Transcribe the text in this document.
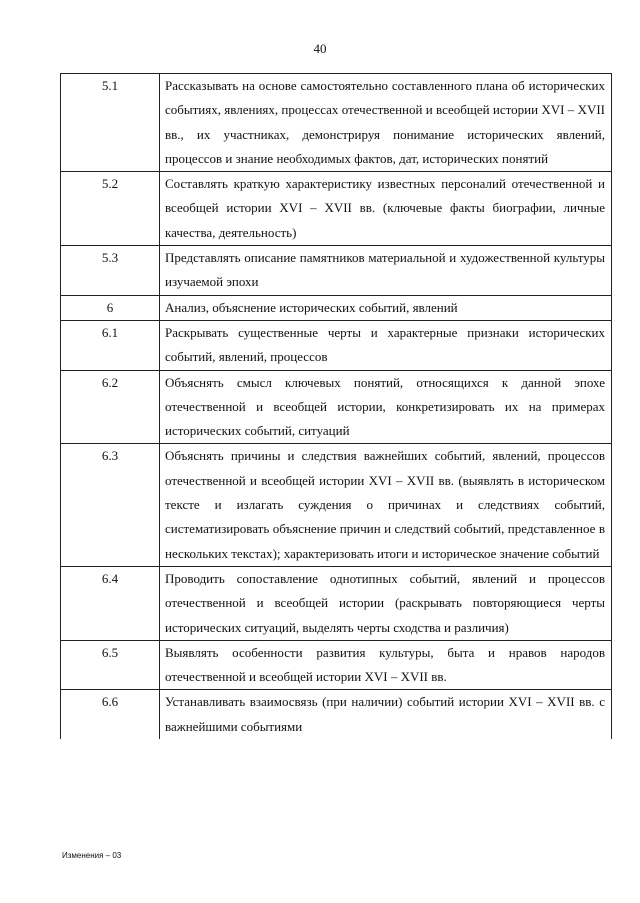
40
5.1	Рассказывать на основе самостоятельно составленного плана об исторических событиях, явлениях, процессах отечественной и всеобщей истории XVI – XVII вв., их участниках, демонстрируя понимание исторических явлений, процессов и знание необходимых фактов, дат, исторических понятий
5.2	Составлять краткую характеристику известных персоналий отечественной и всеобщей истории XVI – XVII вв. (ключевые факты биографии, личные качества, деятельность)
5.3	Представлять описание памятников материальной и художественной культуры изучаемой эпохи
6	Анализ, объяснение исторических событий, явлений
6.1	Раскрывать существенные черты и характерные признаки исторических событий, явлений, процессов
6.2	Объяснять смысл ключевых понятий, относящихся к данной эпохе отечественной и всеобщей истории, конкретизировать их на примерах исторических событий, ситуаций
6.3	Объяснять причины и следствия важнейших событий, явлений, процессов отечественной и всеобщей истории XVI – XVII вв. (выявлять в историческом тексте и излагать суждения о причинах и следствиях событий, систематизировать объяснение причин и следствий событий, представленное в нескольких текстах); характеризовать итоги и историческое значение событий
6.4	Проводить сопоставление однотипных событий, явлений и процессов отечественной и всеобщей истории (раскрывать повторяющиеся черты исторических ситуаций, выделять черты сходства и различия)
6.5	Выявлять особенности развития культуры, быта и нравов народов отечественной и всеобщей истории XVI – XVII вв.
6.6	Устанавливать взаимосвязь (при наличии) событий истории XVI – XVII вв. с важнейшими событиями
Изменения – 03
